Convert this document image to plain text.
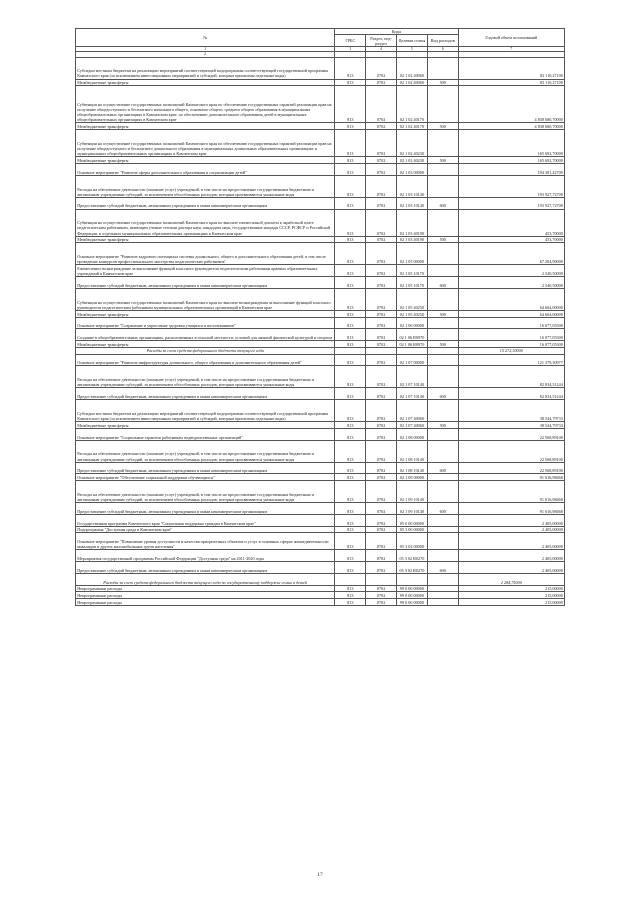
№	Коды				Годовой объем ассигнований
	ГРБС	Раздел, под- раздел	Целевая статья	Вид расходов	
1	3	4	5	6	7
2					
Субсидии местным бюджетам на реализацию мероприятий соответствующей подпрограммы соответствующей государственной программы Камчатского края (за исключением инвестиционных мероприятий и субсидий, которым присвоены отдельные коды)	813	0702	02 1 02 40060		83 110,27100
Межбюджетные трансферты	813	0702	02 1 02 40060	500	83 110,27100
Субвенции на осуществление государственных полномочий Камчатского края по обеспечению государственных гарантий реализации прав на получение общедоступного и бесплатного начального общего, основного общего, среднего общего образования в муниципальных общеобразовательных организациях в Камчатском крае, по обеспечению дополнительного образования детей в муниципальных общеобразовательных организациях в Камчатском крае	813	0702	02 1 02 40170		4 838 680,70000
Межбюджетные трансферты	813	0702	02 1 02 40170	500	4 838 680,70000
Субвенции на осуществление государственных полномочий Камчатского края по обеспечению государственных гарантий реализации прав на получение общедоступного и бесплатного дошкольного образования в муниципальных дошкольных образовательных организациях и муниципальных общеобразовательных организациях в Камчатском крае	813	0702	02 1 02 40230		165 692,70000
Межбюджетные трансферты	813	0702	02 1 02 40230	500	165 692,70000
Основное мероприятие "Развитие сферы дополнительного образования и социализации детей"	813	0702	02 1 03 00000		194 381,42700
Расходы на обеспечение деятельности (оказание услуг) учреждений, в том числе на предоставление государственным бюджетным и автономным учреждениям субсидий, за исключением обособленных расходов, которым присваиваются уникальные коды	813	0702	02 1 03 10140		193 927,72700
Предоставление субсидий бюджетным, автономным учреждениям и иным некоммерческим организациям	813	0702	02 1 03 10140	600	193 927,72700
Субвенции на осуществление государственных полномочий Камчатского края по выплате ежемесячной доплаты к заработной плате педагогическим работникам, имеющим ученые степени доктора наук, кандидата наук, государственные награды СССР, РСФСР и Российской Федерации, в отдельных муниципальных образовательных организациях в Камчатском крае	813	0702	02 1 03 40190		453,70000
Межбюджетные трансферты	813	0702	02 1 03 40190	500	453,70000
Основное мероприятие "Развитие кадрового потенциала системы дошкольного, общего и дополнительного образования детей, в том числе проведение конкурсов профессионального мастерства педагогических работников"	813	0702	02 1 05 00000		67 204,90000
Ежемесячное вознаграждение за выполнение функций классного руководителя педагогическим работникам краевых образовательных учреждений в Камчатском крае	813	0702	02 1 05 10170		2 540,50000
Предоставление субсидий бюджетным, автономным учреждениям и иным некоммерческим организациям	813	0702	02 1 05 10170	600	2 540,50000
Субвенции на осуществление государственных полномочий Камчатского края по выплате вознаграждения за выполнение функций классного руководителя педагогическим работникам муниципальных образовательных организаций в Камчатском крае	813	0702	02 1 05 40250		64 664,00000
Межбюджетные трансферты	813	0702	02 1 05 40250	500	64 664,00000
Основное мероприятие "Сохранение и укрепление здоровья учащихся и воспитанников"	813	0702	02 1 06 00000		16 077,05300
Создание в общеобразовательных организациях, расположенных в сельской местности, условий для занятий физической культурой и спортом	813	0702	02 1 06 R0970		16 077,05300
Межбюджетные трансферты	813	0702	02 1 06 R0970	500	16 077,05300
Расходы за счет средств федерального бюджета текущего года					15 272,30000
Основное мероприятие "Развитие инфраструктуры дошкольного, общего образования и дополнительного образования детей"	813	0702	02 1 07 00000		121 379,30977
Расходы на обеспечение деятельности (оказание услуг) учреждений, в том числе на предоставление государственным бюджетным и автономным учреждениям субсидий, за исключением обособленных расходов, которым присваиваются уникальные коды	813	0702	02 1 07 10140		82 834,51244
Предоставление субсидий бюджетным, автономным учреждениям и иным некоммерческим организациям	813	0702	02 1 07 10140	600	82 834,51244
Субсидии местным бюджетам на реализацию мероприятий соответствующей подпрограммы соответствующей государственной программы Камчатского края (за исключением инвестиционных мероприятий и субсидий, которым присвоены отдельные коды)	813	0702	02 1 07 40060		38 544,79733
Межбюджетные трансферты	813	0702	02 1 07 40060	500	38 544,79733
Основное мероприятие "Социальные гарантии работникам подведомственных организаций"	813	0702	02 1 08 00000		22 568,89100
Расходы на обеспечение деятельности (оказание услуг) учреждений, в том числе на предоставление государственным бюджетным и автономным учреждениям субсидий, за исключением обособленных расходов, которым присваиваются уникальные коды	813	0702	02 1 08 10140		22 568,89100
Предоставление субсидий бюджетным, автономным учреждениям и иным некоммерческим организациям	813	0702	02 1 08 10140	600	22 568,89100
Основное мероприятие "Обеспечение социальной поддержки обучающихся"	813	0702	02 1 09 00000		91 616,98468
Расходы на обеспечение деятельности (оказание услуг) учреждений, в том числе на предоставление государственным бюджетным и автономным учреждениям субсидий, за исключением обособленных расходов, которым присваиваются уникальные коды	813	0702	02 1 09 10140		91 616,98468
Предоставление субсидий бюджетным, автономным учреждениям и иным некоммерческим организациям	813	0702	02 1 09 10140	600	91 616,98468
Государственная программа Камчатского края "Социальная поддержка граждан в Камчатском крае"	813	0702	05 0 00 00000		2 405,00000
Подпрограмма "Доступная среда в Камчатском крае"	813	0702	05 3 00 00000		2 405,00000
Основное мероприятие "Повышение уровня доступности и качества приоритетных объектов и услуг в основных сферах жизнедеятельности инвалидов и других маломобильных групп населения"	813	0702	05 3 02 00000		2 405,00000
Мероприятия государственной программы Российской Федерации "Доступная среда" на 2011-2020 годы	813	0702	05 3 02 R0270		2 405,00000
Предоставление субсидий бюджетным, автономным учреждениям и иным некоммерческим организациям	813	0702	05 3 02 R0270	600	2 405,00000
Расходы за счет средств федерального бюджета текущего года по государственному поддержке семьи и детей					2 284,75000
Непрограммные расходы	813	0702	99 0 00 00000		215,00000
Непрограммные расходы	813	0702	99 0 00 00000		215,00000
Непрограммные расходы	813	0702	99 0 00 00000		215,00000
17
